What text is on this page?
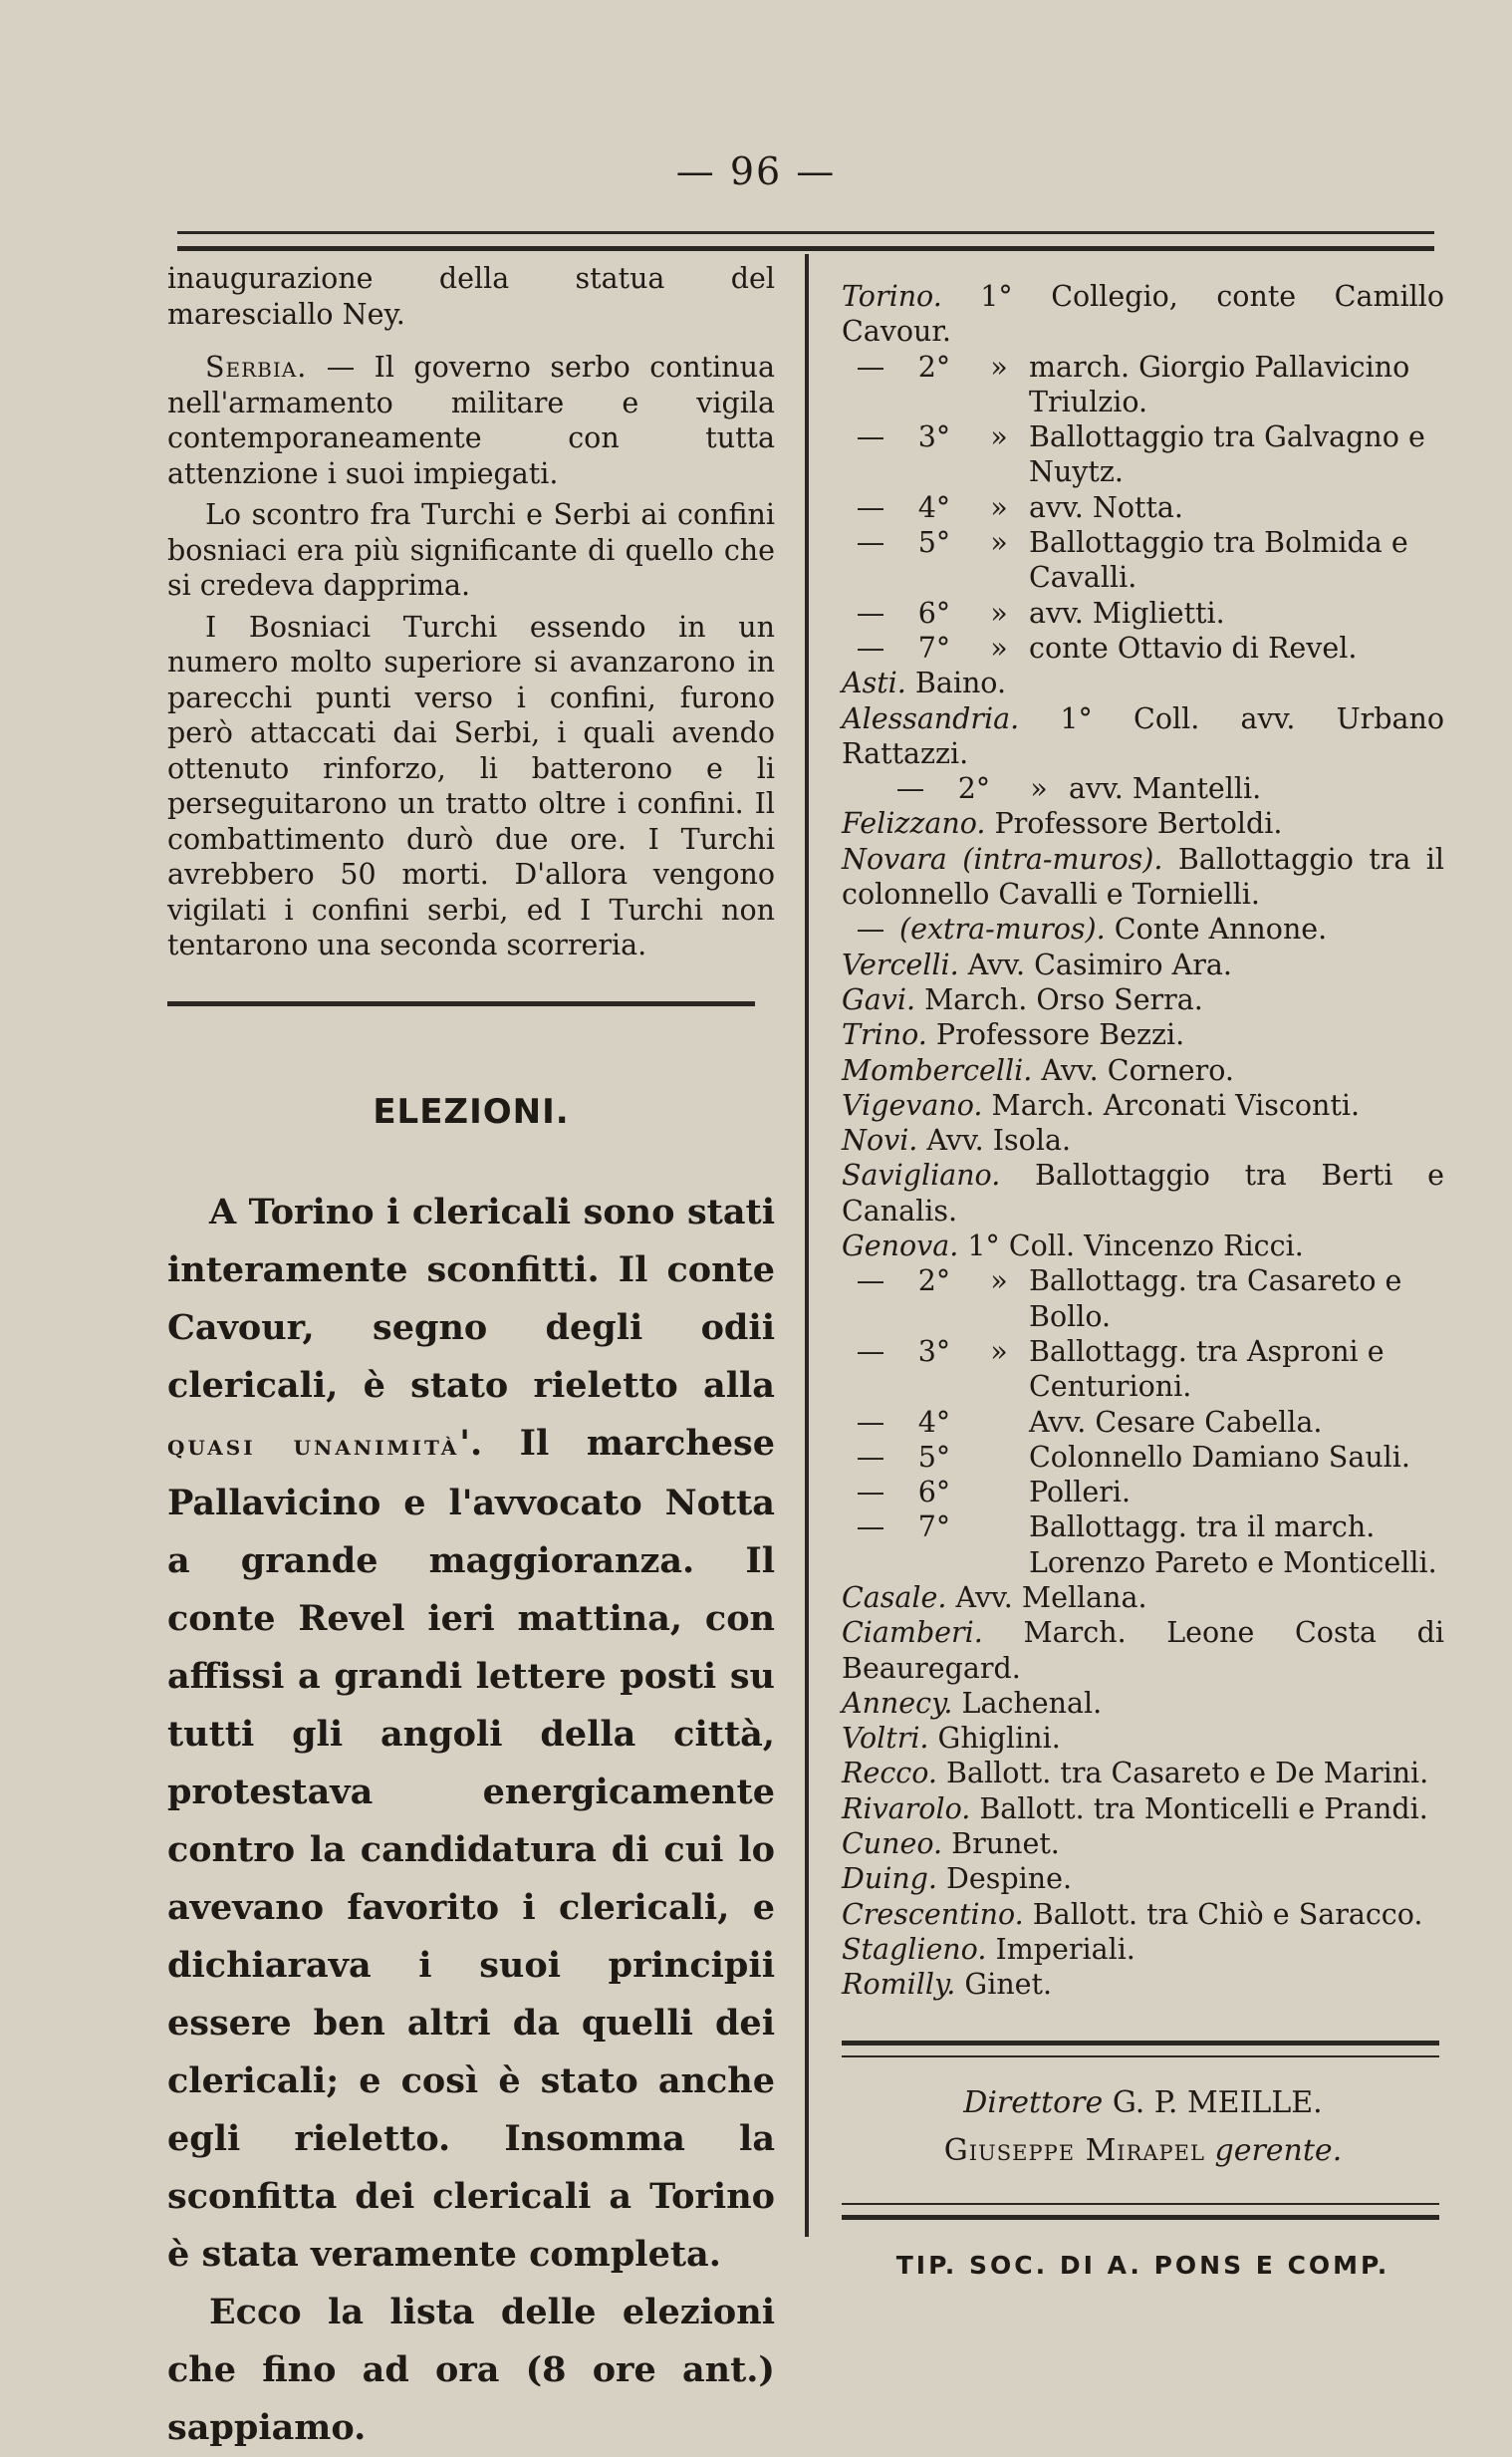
— 96 —

inaugurazione della statua del maresciallo Ney.

Serbia. — Il governo serbo continua nell'armamento militare e vigila contemporaneamente con tutta attenzione i suoi impiegati.

Lo scontro fra Turchi e Serbi ai confini bosniaci era più significante di quello che si credeva dapprima.

I Bosniaci Turchi essendo in un numero molto superiore si avanzarono in parecchi punti verso i confini, furono però attaccati dai Serbi, i quali avendo ottenuto rinforzo, li batterono e li perseguitarono un tratto oltre i confini. Il combattimento durò due ore. I Turchi avrebbero 50 morti. D'allora vengono vigilati i confini serbi, ed I Turchi non tentarono una seconda scorreria.

ELEZIONI.

A Torino i clericali sono stati interamente sconfitti. Il conte Cavour, segno degli odii clericali, è stato rieletto alla quasi unanimità'. Il marchese Pallavicino e l'avvocato Notta a grande maggioranza. Il conte Revel ieri mattina, con affissi a grandi lettere posti su tutti gli angoli della città, protestava energicamente contro la candidatura di cui lo avevano favorito i clericali, e dichiarava i suoi principii essere ben altri da quelli dei clericali; e così è stato anche egli rieletto. Insomma la sconfitta dei clericali a Torino è stata veramente completa.

Ecco la lista delle elezioni che fino ad ora (8 ore ant.) sappiamo.

Torino. 1° Collegio, conte Camillo Cavour.
—	2°	» march. Giorgio Pallavicino Triulzio.
—	3°	» Ballottaggio tra Galvagno e Nuytz.
—	4°	» avv. Notta.
—	5°	» Ballottaggio tra Bolmida e Cavalli.
—	6°	» avv. Miglietti.
—	7°	» conte Ottavio di Revel.
Asti. Baino.
Alessandria. 1° Coll. avv. Urbano Rattazzi.
—	2°	» avv. Mantelli.
Felizzano. Professore Bertoldi.
Novara (intra-muros). Ballottaggio tra il colonnello Cavalli e Tornielli.
— (extra-muros). Conte Annone.
Vercelli. Avv. Casimiro Ara.
Gavi. March. Orso Serra.
Trino. Professore Bezzi.
Mombercelli. Avv. Cornero.
Vigevano. March. Arconati Visconti.
Novi. Avv. Isola.
Savigliano. Ballottaggio tra Berti e Canalis.
Genova. 1° Coll. Vincenzo Ricci.
—	2°	» Ballottagg. tra Casareto e Bollo.
—	3°	» Ballottagg. tra Asproni e Centurioni.
—	4°	Avv. Cesare Cabella.
—	5°	Colonnello Damiano Sauli.
—	6°	Polleri.
—	7°	Ballottagg. tra il march. Lorenzo Pareto e Monticelli.
Casale. Avv. Mellana.
Ciamberi. March. Leone Costa di Beauregard.
Annecy. Lachenal.
Voltri. Ghiglini.
Recco. Ballott. tra Casareto e De Marini.
Rivarolo. Ballott. tra Monticelli e Prandi.
Cuneo. Brunet.
Duing. Despine.
Crescentino. Ballott. tra Chiò e Saracco.
Staglieno. Imperiali.
Romilly. Ginet.
Direttore G. P. MEILLE.
Giuseppe Mirapel gerente.
TIP. SOC. DI A. PONS E COMP.
